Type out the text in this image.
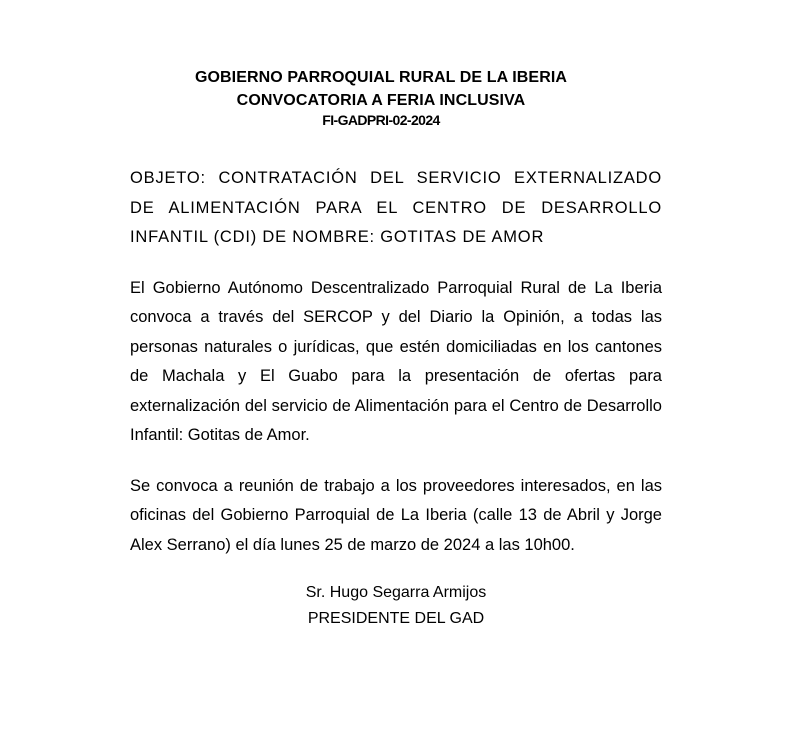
GOBIERNO PARROQUIAL RURAL DE LA IBERIA
CONVOCATORIA A FERIA INCLUSIVA
FI-GADPRI-02-2024
OBJETO: CONTRATACIÓN DEL SERVICIO EXTERNALIZADO DE ALIMENTACIÓN PARA EL CENTRO DE DESARROLLO INFANTIL (CDI) DE NOMBRE: GOTITAS DE AMOR
El Gobierno Autónomo Descentralizado Parroquial Rural de La Iberia convoca a través del SERCOP y del Diario la Opinión, a todas las personas naturales o jurídicas, que estén domiciliadas en los cantones de Machala y El Guabo para la presentación de ofertas para externalización del servicio de Alimentación para el Centro de Desarrollo Infantil: Gotitas de Amor.
Se convoca a reunión de trabajo a los proveedores interesados, en las oficinas del Gobierno Parroquial de La Iberia (calle 13 de Abril y Jorge Alex Serrano) el día lunes 25 de marzo de 2024 a las 10h00.
Sr. Hugo Segarra Armijos
PRESIDENTE DEL GAD
